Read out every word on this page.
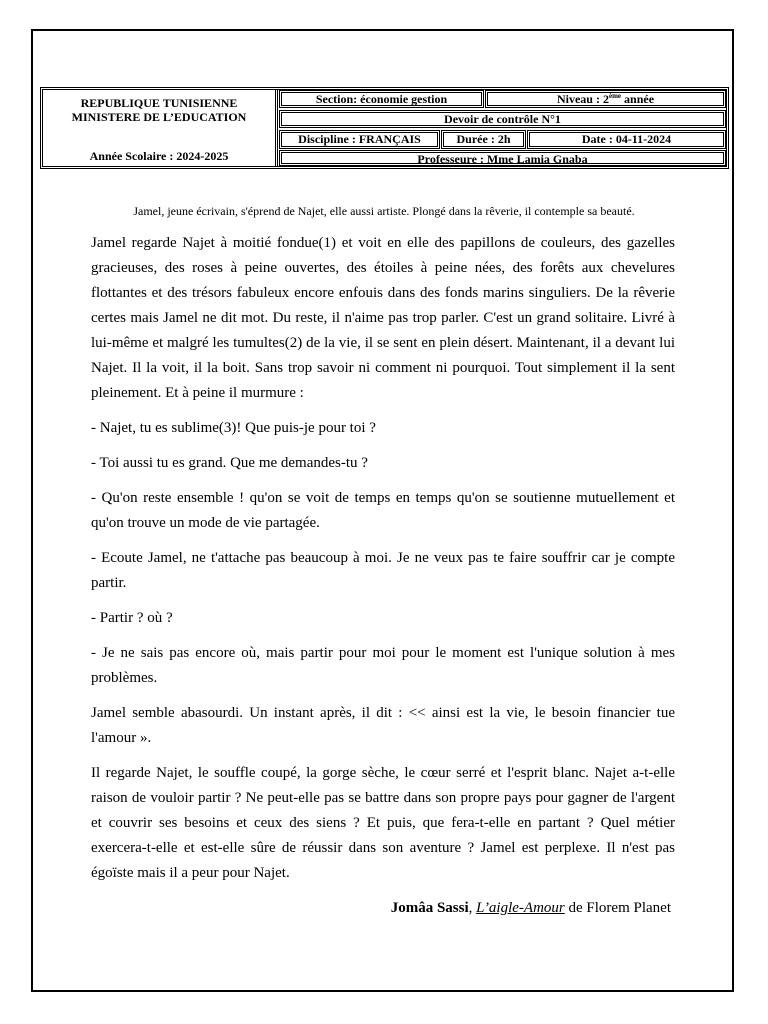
REPUBLIQUE TUNISIENNE
MINISTERE DE L’EDUCATION
Année Scolaire : 2024-2025
Section: économie gestion	Niveau : 2ème année
Devoir de contrôle N°1
Discipline : FRANÇAIS	Durée : 2h	Date : 04-11-2024
Professeure : Mme Lamia Gnaba
Jamel, jeune écrivain, s'éprend de Najet, elle aussi artiste. Plongé dans la rêverie, il contemple sa beauté.

Jamel regarde Najet à moitié fondue(1) et voit en elle des papillons de couleurs, des gazelles gracieuses, des roses à peine ouvertes, des étoiles à peine nées, des forêts aux chevelures flottantes et des trésors fabuleux encore enfouis dans des fonds marins singuliers. De la rêverie certes mais Jamel ne dit mot. Du reste, il n'aime pas trop parler. C'est un grand solitaire. Livré à lui-même et malgré les tumultes(2) de la vie, il se sent en plein désert. Maintenant, il a devant lui Najet. Il la voit, il la boit. Sans trop savoir ni comment ni pourquoi. Tout simplement il la sent pleinement. Et à peine il murmure :

- Najet, tu es sublime(3)! Que puis-je pour toi ?

- Toi aussi tu es grand. Que me demandes-tu ?

- Qu'on reste ensemble ! qu'on se voit de temps en temps qu'on se soutienne mutuellement et qu'on trouve un mode de vie partagée.

- Ecoute Jamel, ne t'attache pas beaucoup à moi. Je ne veux pas te faire souffrir car je compte partir.

- Partir ? où ?

- Je ne sais pas encore où, mais partir pour moi pour le moment est l'unique solution à mes problèmes.

Jamel semble abasourdi. Un instant après, il dit : << ainsi est la vie, le besoin financier tue l'amour ».

Il regarde Najet, le souffle coupé, la gorge sèche, le cœur serré et l'esprit blanc. Najet a-t-elle raison de vouloir partir ? Ne peut-elle pas se battre dans son propre pays pour gagner de l'argent et couvrir ses besoins et ceux des siens ? Et puis, que fera-t-elle en partant ? Quel métier exercera-t-elle et est-elle sûre de réussir dans son aventure ? Jamel est perplexe. Il n'est pas égoïste mais il a peur pour Najet.

Jomâa Sassi, L’aigle-Amour de Florem Planet
